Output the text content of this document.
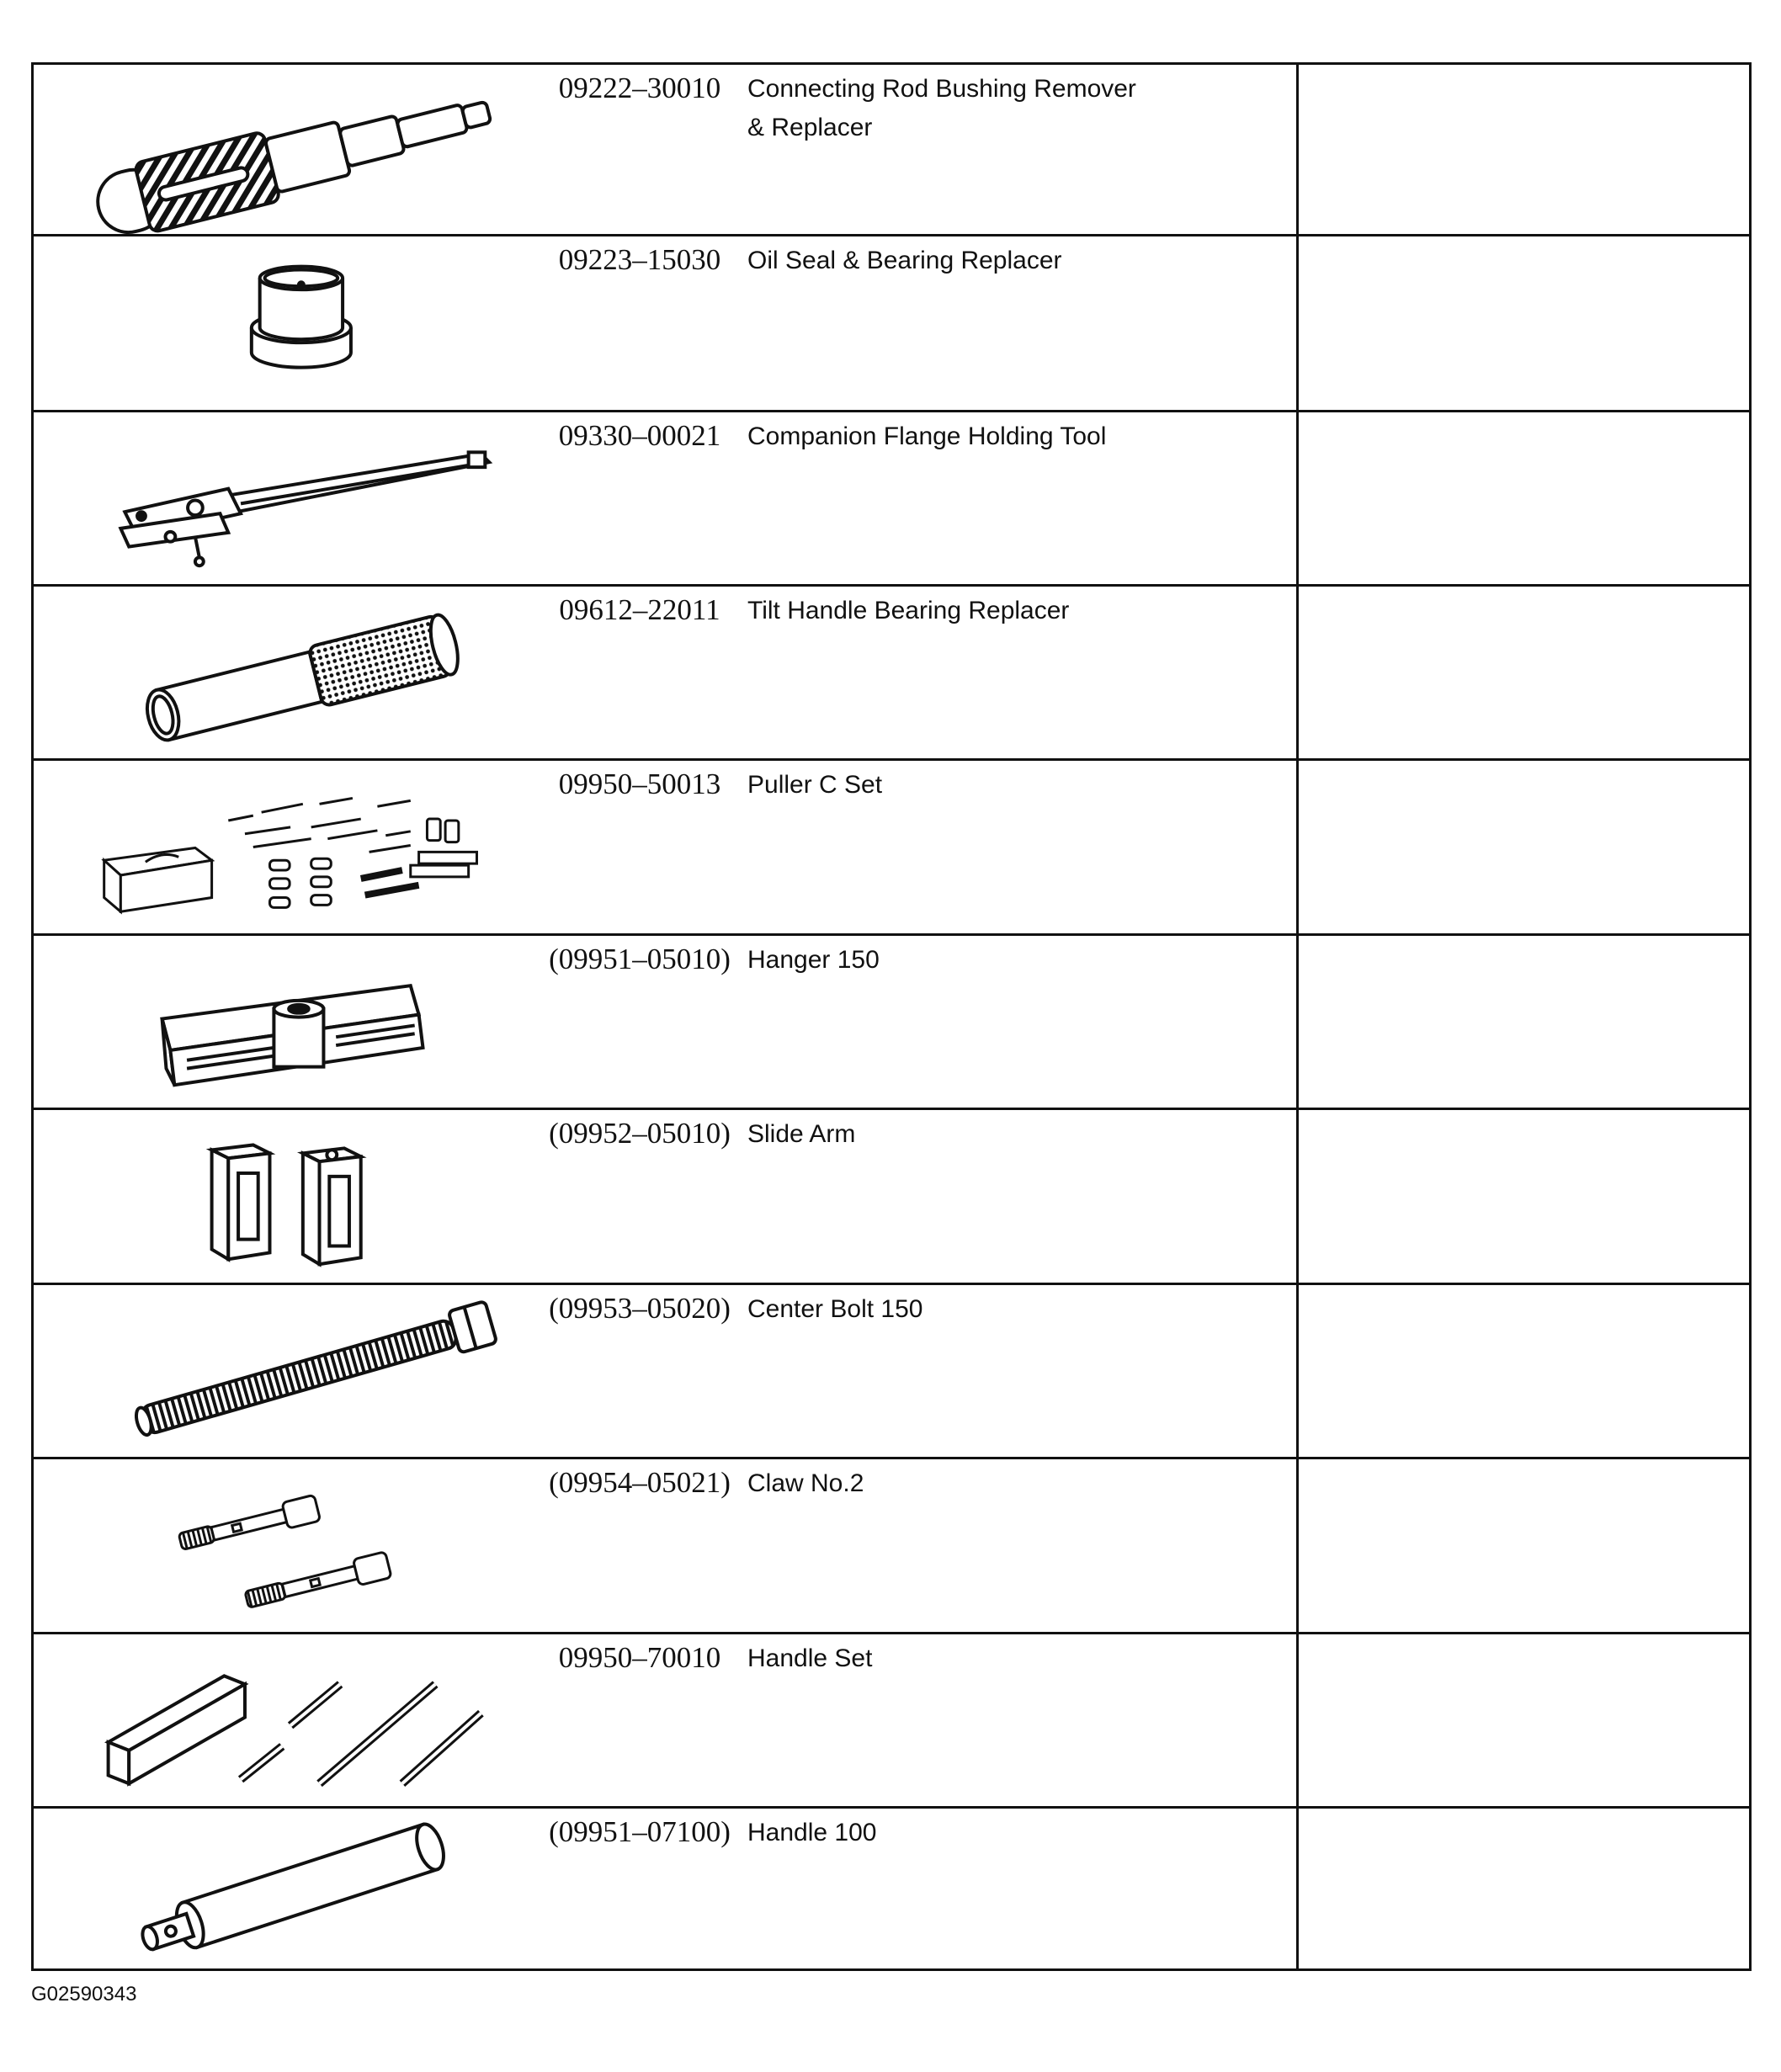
09222–30010	Connecting Rod Bushing Remover
& Replacer
09223–15030	Oil Seal & Bearing Replacer
09330–00021	Companion Flange Holding Tool
09612–22011	Tilt Handle Bearing Replacer
09950–50013	Puller C Set
(09951–05010) Hanger 150
(09952–05010) Slide Arm
(09953–05020) Center Bolt 150
(09954–05021) Claw No.2
09950–70010	Handle Set
(09951–07100) Handle 100
G02590343
